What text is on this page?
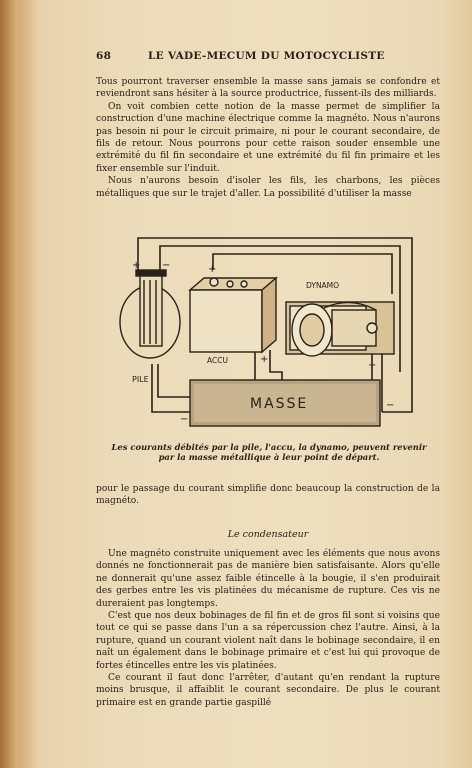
68	LE VADE-MECUM DU MOTOCYCLISTE

Tous pourront traverser ensemble la masse sans jamais se confondre et reviendront sans hésiter à la source productrice, fussent-ils des milliards.

On voit combien cette notion de la masse permet de simplifier la construction d'une machine électrique comme la magnéto. Nous n'aurons pas besoin ni pour le circuit primaire, ni pour le courant secondaire, de fils de retour. Nous pourrons pour cette raison souder ensemble une extrémité du fil fin secondaire et une extrémité du fil fin primaire et les fixer ensemble sur l'induit.

Nous n'aurons besoin d'isoler les fils, les charbons, les pièces métalliques que sur le trajet d'aller. La possibilité d'utiliser la masse

PILE
+ −
ACCU
+
+
DYNAMO
+
MASSE
−
−
Les courants débités par la pile, l'accu, la dynamo, peuvent revenir par la masse métallique à leur point de départ.

pour le passage du courant simplifie donc beaucoup la construction de la magnéto.

Le condensateur

Une magnéto construite uniquement avec les éléments que nous avons donnés ne fonctionnerait pas de manière bien satisfaisante. Alors qu'elle ne donnerait qu'une assez faible étincelle à la bougie, il s'en produirait des gerbes entre les vis platinées du mécanisme de rupture. Ces vis ne dureraient pas longtemps.

C'est que nos deux bobinages de fil fin et de gros fil sont si voisins que tout ce qui se passe dans l'un a sa répercussion chez l'autre. Ainsi, à la rupture, quand un courant violent naît dans le bobinage secondaire, il en naît un également dans le bobinage primaire et c'est lui qui provoque de fortes étincelles entre les vis platinées.

Ce courant il faut donc l'arrêter, d'autant qu'en rendant la rupture moins brusque, il affaiblit le courant secondaire. De plus le courant primaire est en grande partie gaspillé
